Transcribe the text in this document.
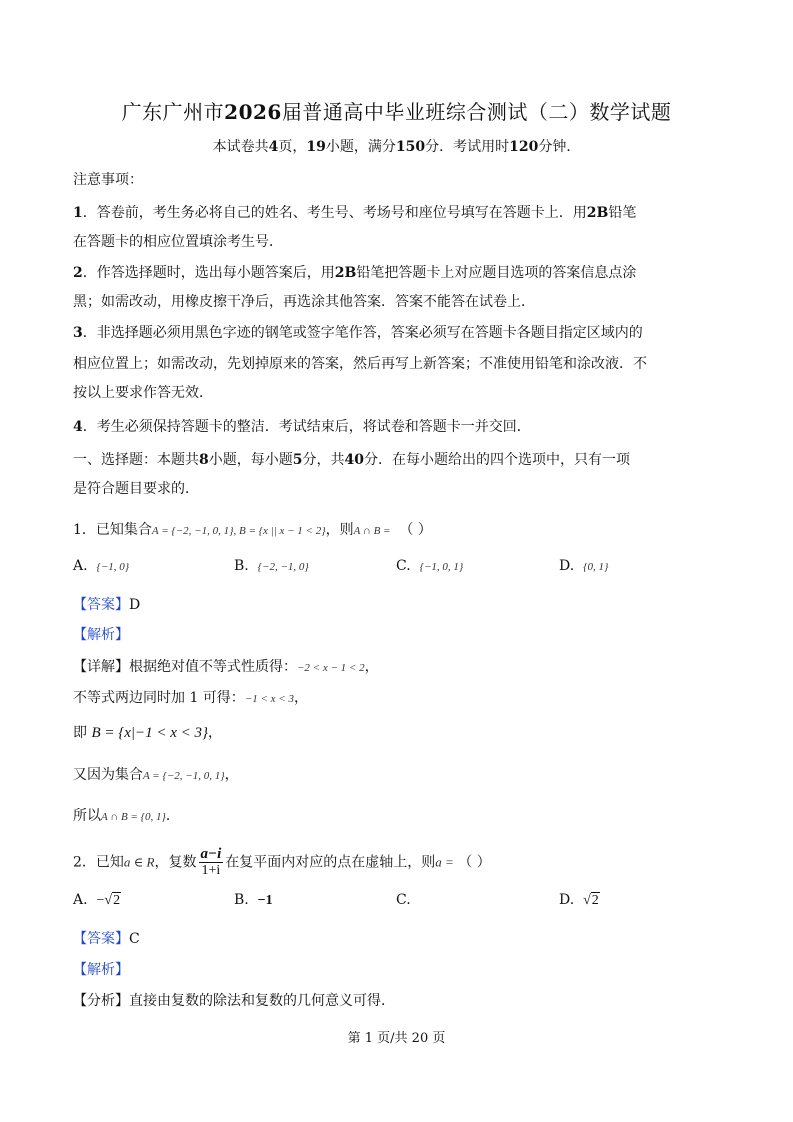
广东广州市2026届普通高中毕业班综合测试（二）数学试题
本试卷共4页，19小题，满分150分．考试用时120分钟．
注意事项：
1．答卷前，考生务必将自己的姓名、考生号、考场号和座位号填写在答题卡上．用2B铅笔
在答题卡的相应位置填涂考生号．
2．作答选择题时，选出每小题答案后，用2B铅笔把答题卡上对应题目选项的答案信息点涂
黑；如需改动，用橡皮擦干净后，再选涂其他答案．答案不能答在试卷上．
3．非选择题必须用黑色字迹的钢笔或签字笔作答，答案必须写在答题卡各题目指定区域内的
相应位置上；如需改动，先划掉原来的答案，然后再写上新答案；不准使用铅笔和涂改液．不
按以上要求作答无效．
4．考生必须保持答题卡的整洁．考试结束后，将试卷和答题卡一并交回．
一、选择题：本题共8小题，每小题5分，共40分．在每小题给出的四个选项中，只有一项
是符合题目要求的．
1．已知集合A = {−2, −1, 0, 1}, B = {x || x − 1 < 2}，则A ∩ B = （ ）
A. {−1, 0}	B. {−2, −1, 0}	C. {−1, 0, 1}	D. {0, 1}
【答案】D
【解析】
【详解】根据绝对值不等式性质得：−2 < x − 1 < 2，
不等式两边同时加 1 可得：−1 < x < 3，
即 B = {x|−1 < x < 3}，
又因为集合A = {−2, −1, 0, 1}，
所以A ∩ B = {0, 1}．
2．已知a ∈ R，复数 $\frac{a-i}{1+i}$ 在复平面内对应的点在虚轴上，则a = （ ）
A. −√2	B. −1	C.	D. √2
【答案】C
【解析】
【分析】直接由复数的除法和复数的几何意义可得．
第 1 页/共 20 页
